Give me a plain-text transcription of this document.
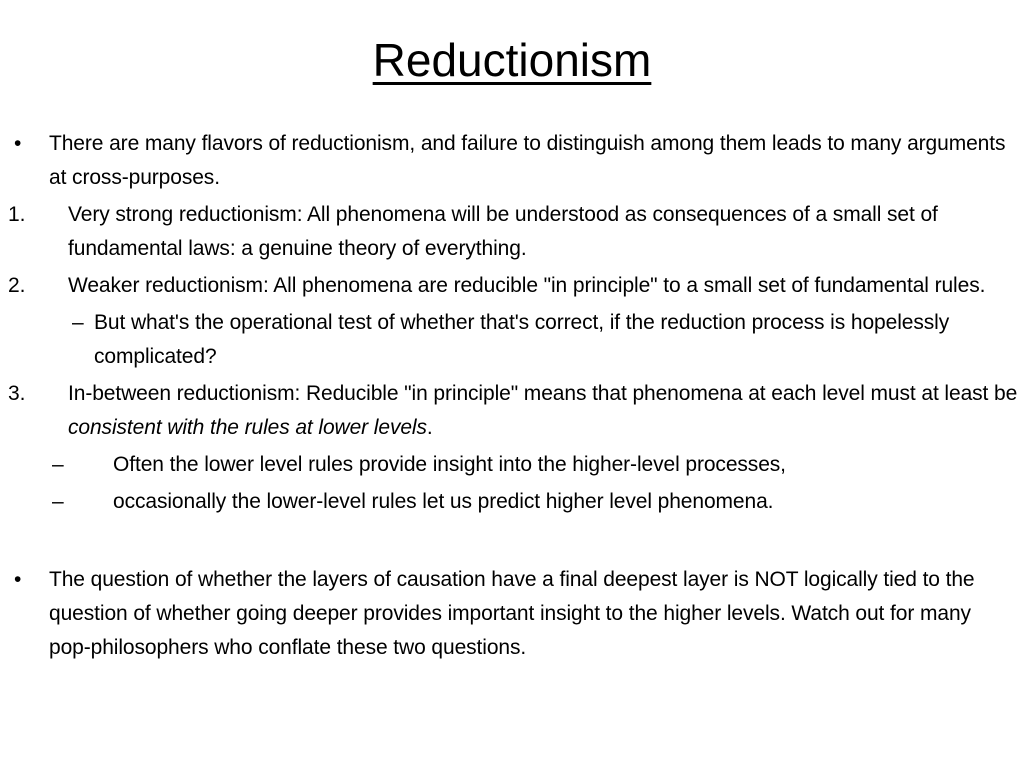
Reductionism
• There are many flavors of reductionism, and failure to distinguish among them leads to many arguments at cross-purposes.
1. Very strong reductionism: All phenomena will be understood as consequences of a small set of fundamental laws: a genuine theory of everything.
2. Weaker reductionism: All phenomena are reducible "in principle" to a small set of fundamental rules.
– But what's the operational test of whether that's correct, if the reduction process is hopelessly complicated?
3. In-between reductionism: Reducible "in principle" means that phenomena at each level must at least be consistent with the rules at lower levels.
– Often the lower level rules provide insight into the higher-level processes,
– occasionally the lower-level rules let us predict higher level phenomena.
• The question of whether the layers of causation have a final deepest layer is NOT logically tied to the question of whether going deeper provides important insight to the higher levels. Watch out for many pop-philosophers who conflate these two questions.
